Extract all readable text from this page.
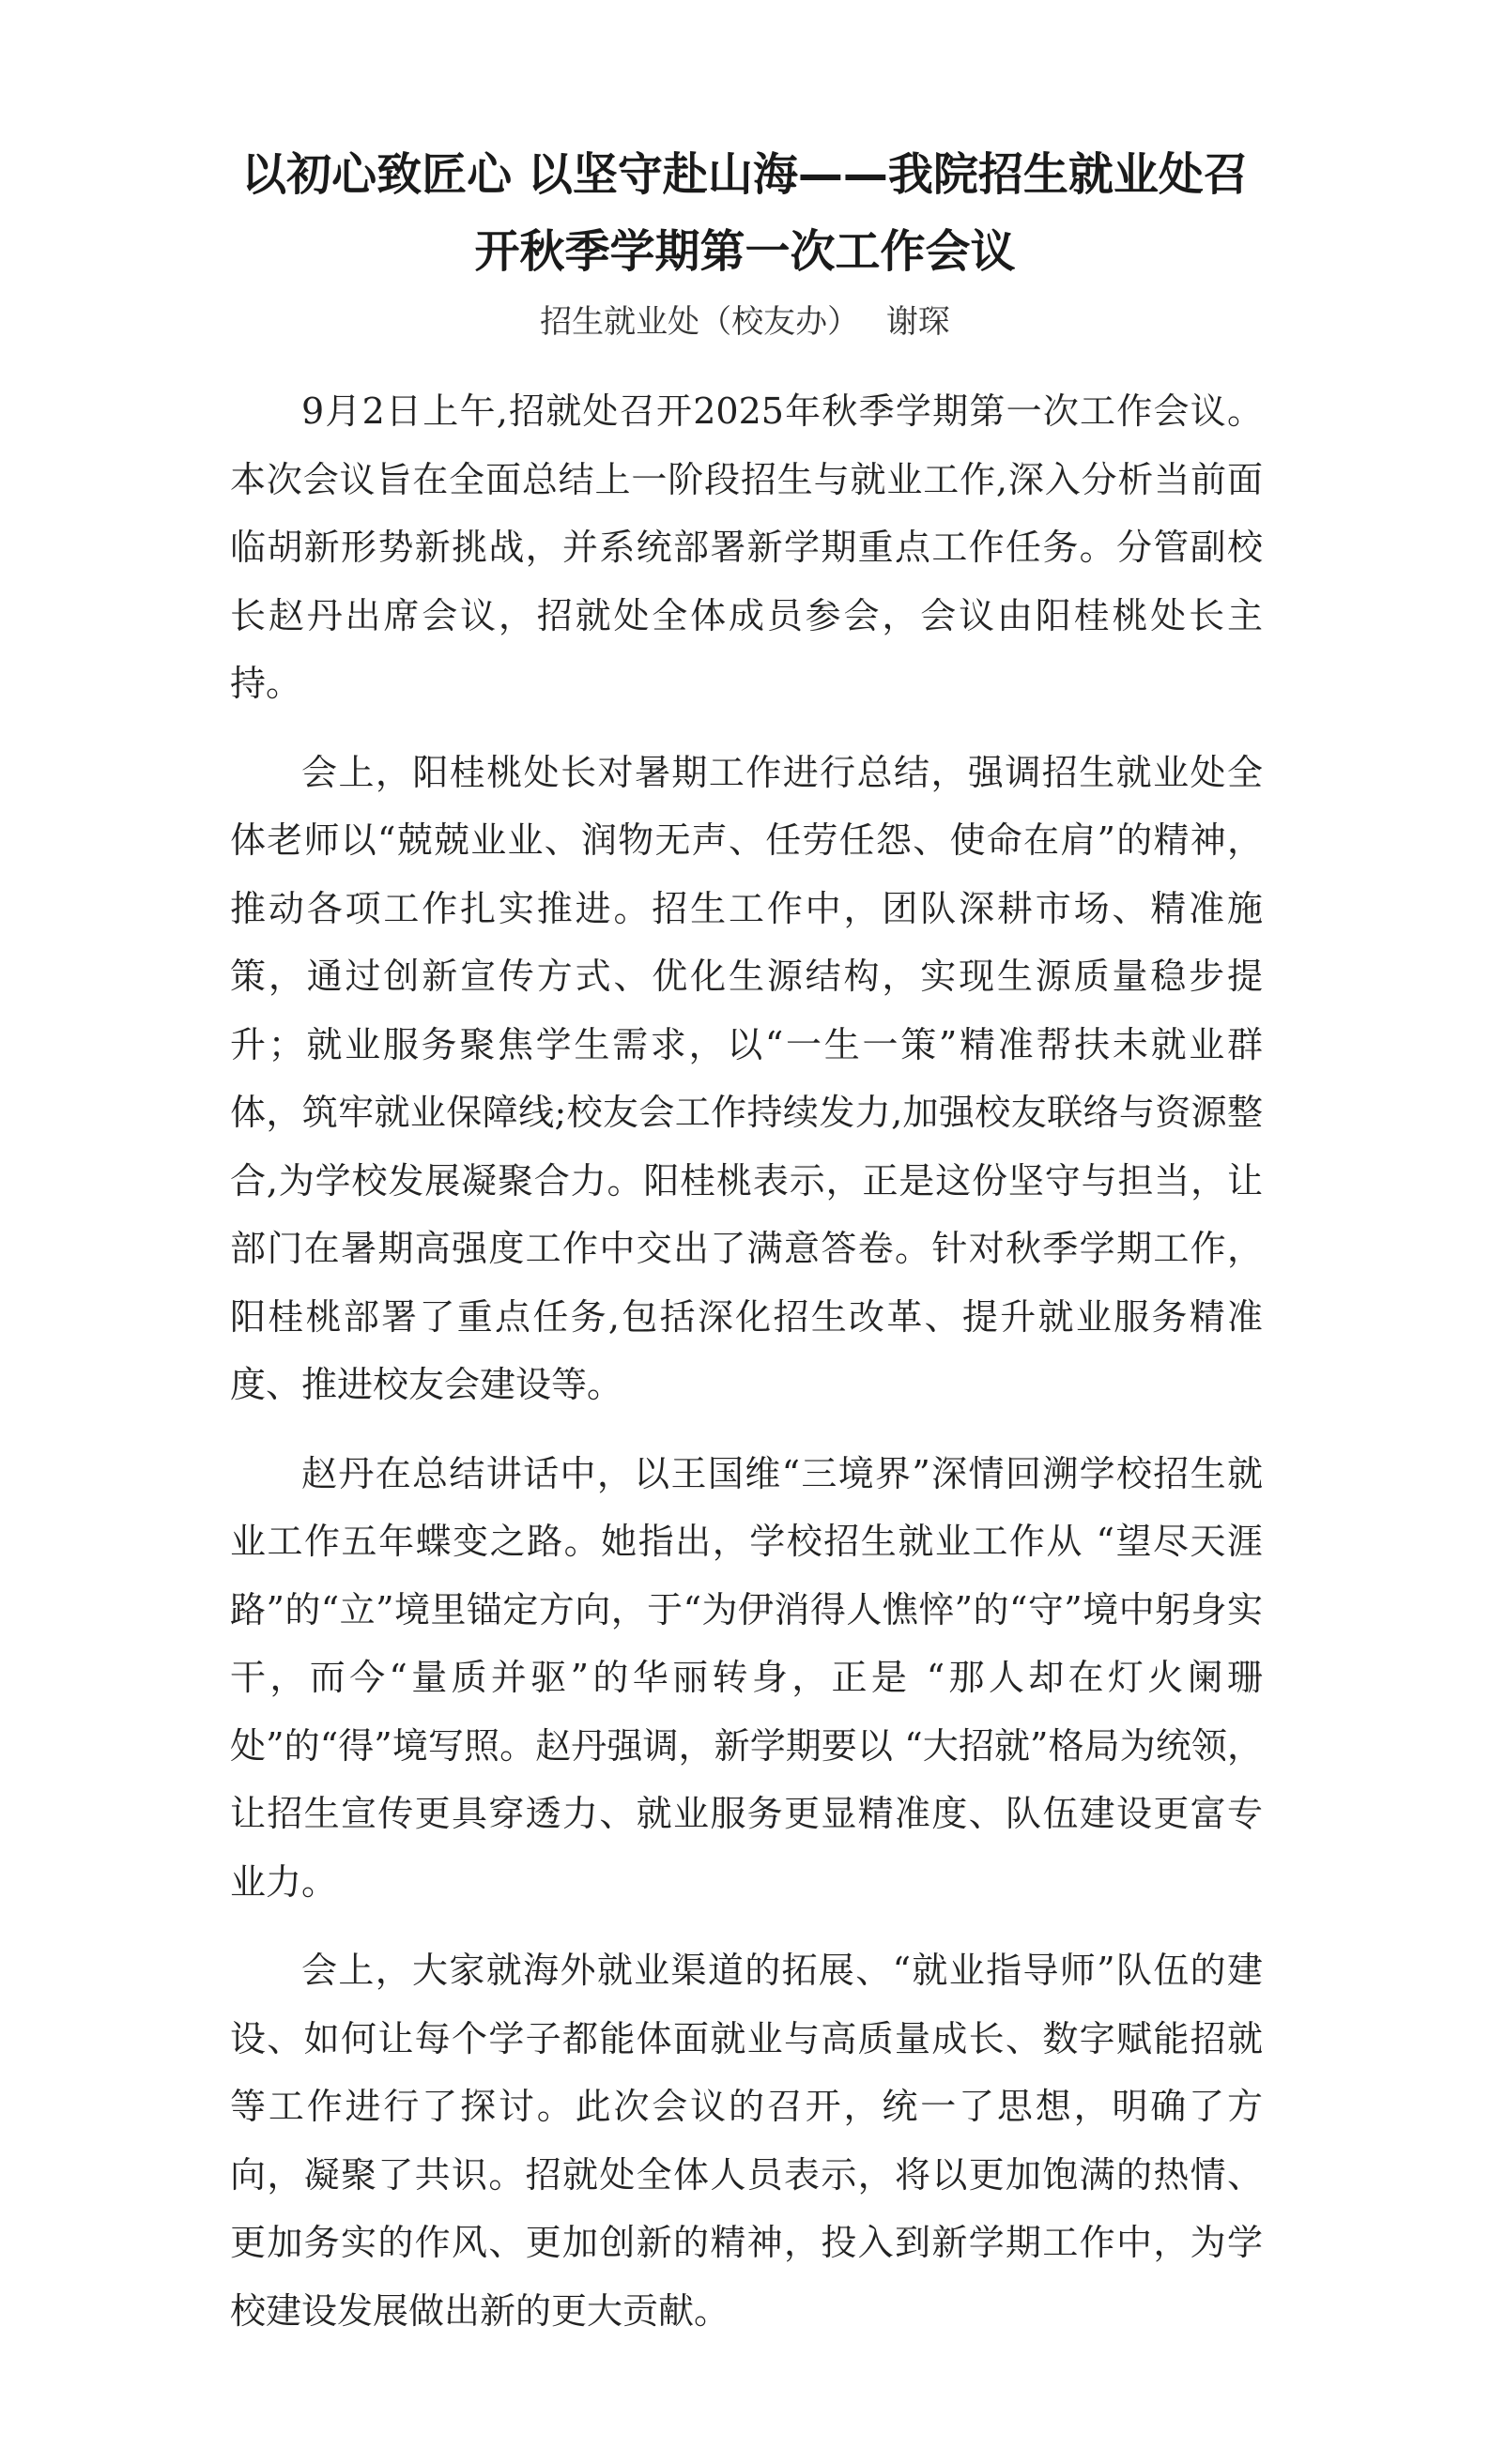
以初心致匠心 以坚守赴山海——我院招生就业处召
开秋季学期第一次工作会议

招生就业处（校友办） 谢琛

9月2日上午,招就处召开2025年秋季学期第一次工作会议。本次会议旨在全面总结上一阶段招生与就业工作,深入分析当前面临胡新形势新挑战，并系统部署新学期重点工作任务。分管副校长赵丹出席会议，招就处全体成员参会，会议由阳桂桃处长主持。

会上，阳桂桃处长对暑期工作进行总结，强调招生就业处全体老师以“兢兢业业、润物无声、任劳任怨、使命在肩”的精神，推动各项工作扎实推进。招生工作中，团队深耕市场、精准施策，通过创新宣传方式、优化生源结构，实现生源质量稳步提升；就业服务聚焦学生需求，以“一生一策”精准帮扶未就业群体，筑牢就业保障线;校友会工作持续发力,加强校友联络与资源整合,为学校发展凝聚合力。阳桂桃表示，正是这份坚守与担当，让部门在暑期高强度工作中交出了满意答卷。针对秋季学期工作，阳桂桃部署了重点任务,包括深化招生改革、提升就业服务精准度、推进校友会建设等。

赵丹在总结讲话中，以王国维“三境界”深情回溯学校招生就业工作五年蝶变之路。她指出，学校招生就业工作从 “望尽天涯路”的“立”境里锚定方向，于“为伊消得人憔悴”的“守”境中躬身实干，而今“量质并驱”的华丽转身，正是 “那人却在灯火阑珊处”的“得”境写照。赵丹强调，新学期要以 “大招就”格局为统领，让招生宣传更具穿透力、就业服务更显精准度、队伍建设更富专业力。

会上，大家就海外就业渠道的拓展、“就业指导师”队伍的建设、如何让每个学子都能体面就业与高质量成长、数字赋能招就等工作进行了探讨。此次会议的召开，统一了思想，明确了方向，凝聚了共识。招就处全体人员表示，将以更加饱满的热情、更加务实的作风、更加创新的精神，投入到新学期工作中，为学校建设发展做出新的更大贡献。
